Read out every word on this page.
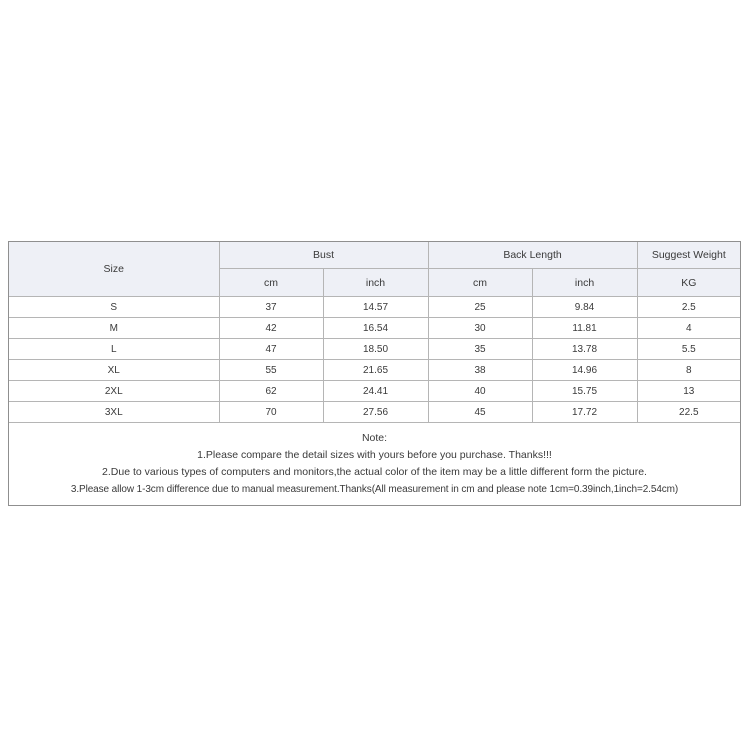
Size	Bust		Back Length		Suggest Weight
	cm	inch	cm	inch	KG
S	37	14.57	25	9.84	2.5
M	42	16.54	30	11.81	4
L	47	18.50	35	13.78	5.5
XL	55	21.65	38	14.96	8
2XL	62	24.41	40	15.75	13
3XL	70	27.56	45	17.72	22.5

Note:
1.Please compare the detail sizes with yours before you purchase. Thanks!!!
2.Due to various types of computers and monitors,the actual color of the item may be a little different form the picture.
3.Please allow 1-3cm difference due to manual measurement.Thanks(All measurement in cm and please note 1cm=0.39inch,1inch=2.54cm)					
